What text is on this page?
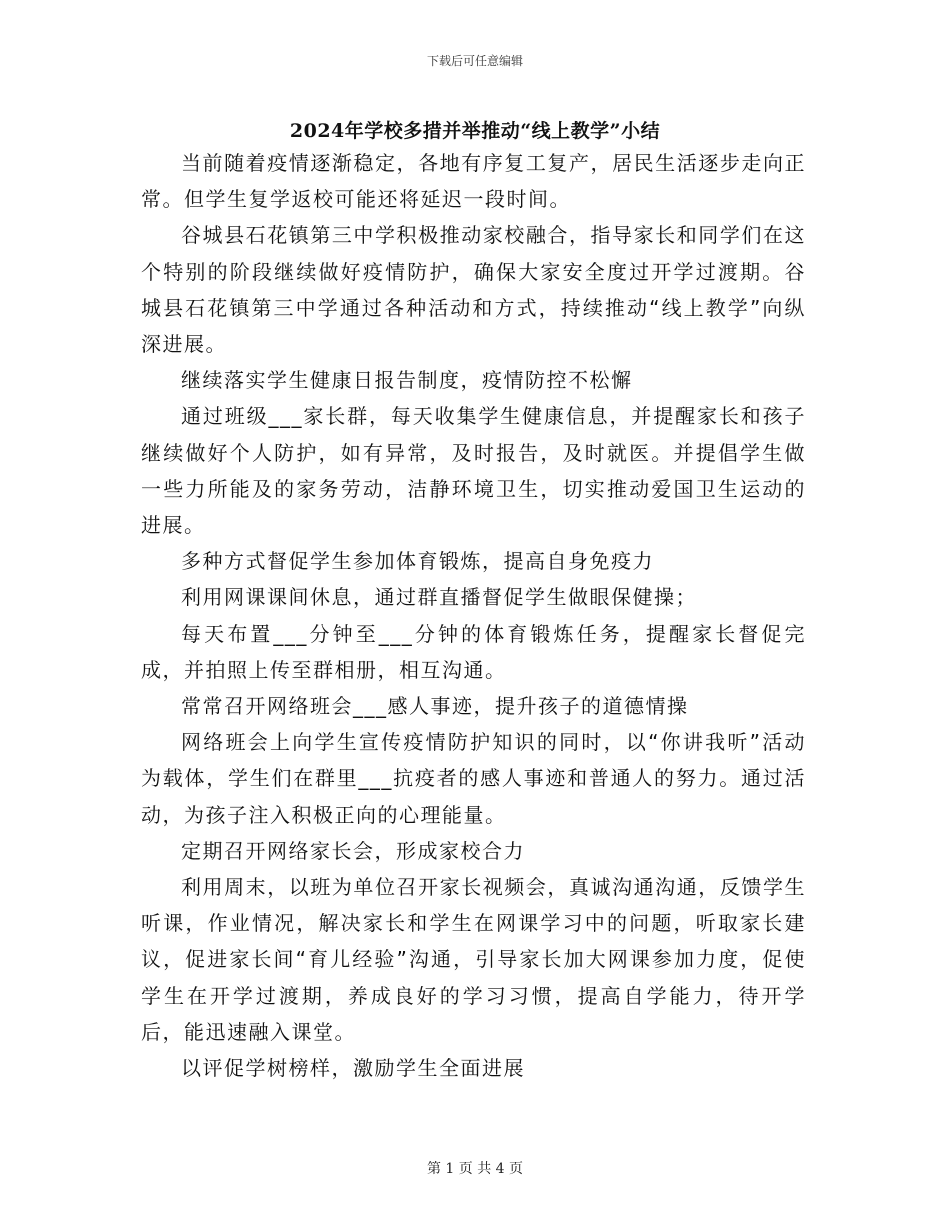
下载后可任意编辑
2024年学校多措并举推动“线上教学”小结

当前随着疫情逐渐稳定，各地有序复工复产，居民生活逐步走向正常。但学生复学返校可能还将延迟一段时间。

谷城县石花镇第三中学积极推动家校融合，指导家长和同学们在这个特别的阶段继续做好疫情防护，确保大家安全度过开学过渡期。谷城县石花镇第三中学通过各种活动和方式，持续推动“线上教学”向纵深进展。

继续落实学生健康日报告制度，疫情防控不松懈

通过班级___家长群，每天收集学生健康信息，并提醒家长和孩子继续做好个人防护，如有异常，及时报告，及时就医。并提倡学生做一些力所能及的家务劳动，洁静环境卫生，切实推动爱国卫生运动的进展。

多种方式督促学生参加体育锻炼，提高自身免疫力

利用网课课间休息，通过群直播督促学生做眼保健操；

每天布置___分钟至___分钟的体育锻炼任务，提醒家长督促完成，并拍照上传至群相册，相互沟通。

常常召开网络班会___感人事迹，提升孩子的道德情操

网络班会上向学生宣传疫情防护知识的同时，以“你讲我听”活动为载体，学生们在群里___抗疫者的感人事迹和普通人的努力。通过活动，为孩子注入积极正向的心理能量。

定期召开网络家长会，形成家校合力

利用周末，以班为单位召开家长视频会，真诚沟通沟通，反馈学生听课，作业情况，解决家长和学生在网课学习中的问题，听取家长建议，促进家长间“育儿经验”沟通，引导家长加大网课参加力度，促使学生在开学过渡期，养成良好的学习习惯，提高自学能力，待开学后，能迅速融入课堂。

以评促学树榜样，激励学生全面进展

第 1 页 共 4 页
